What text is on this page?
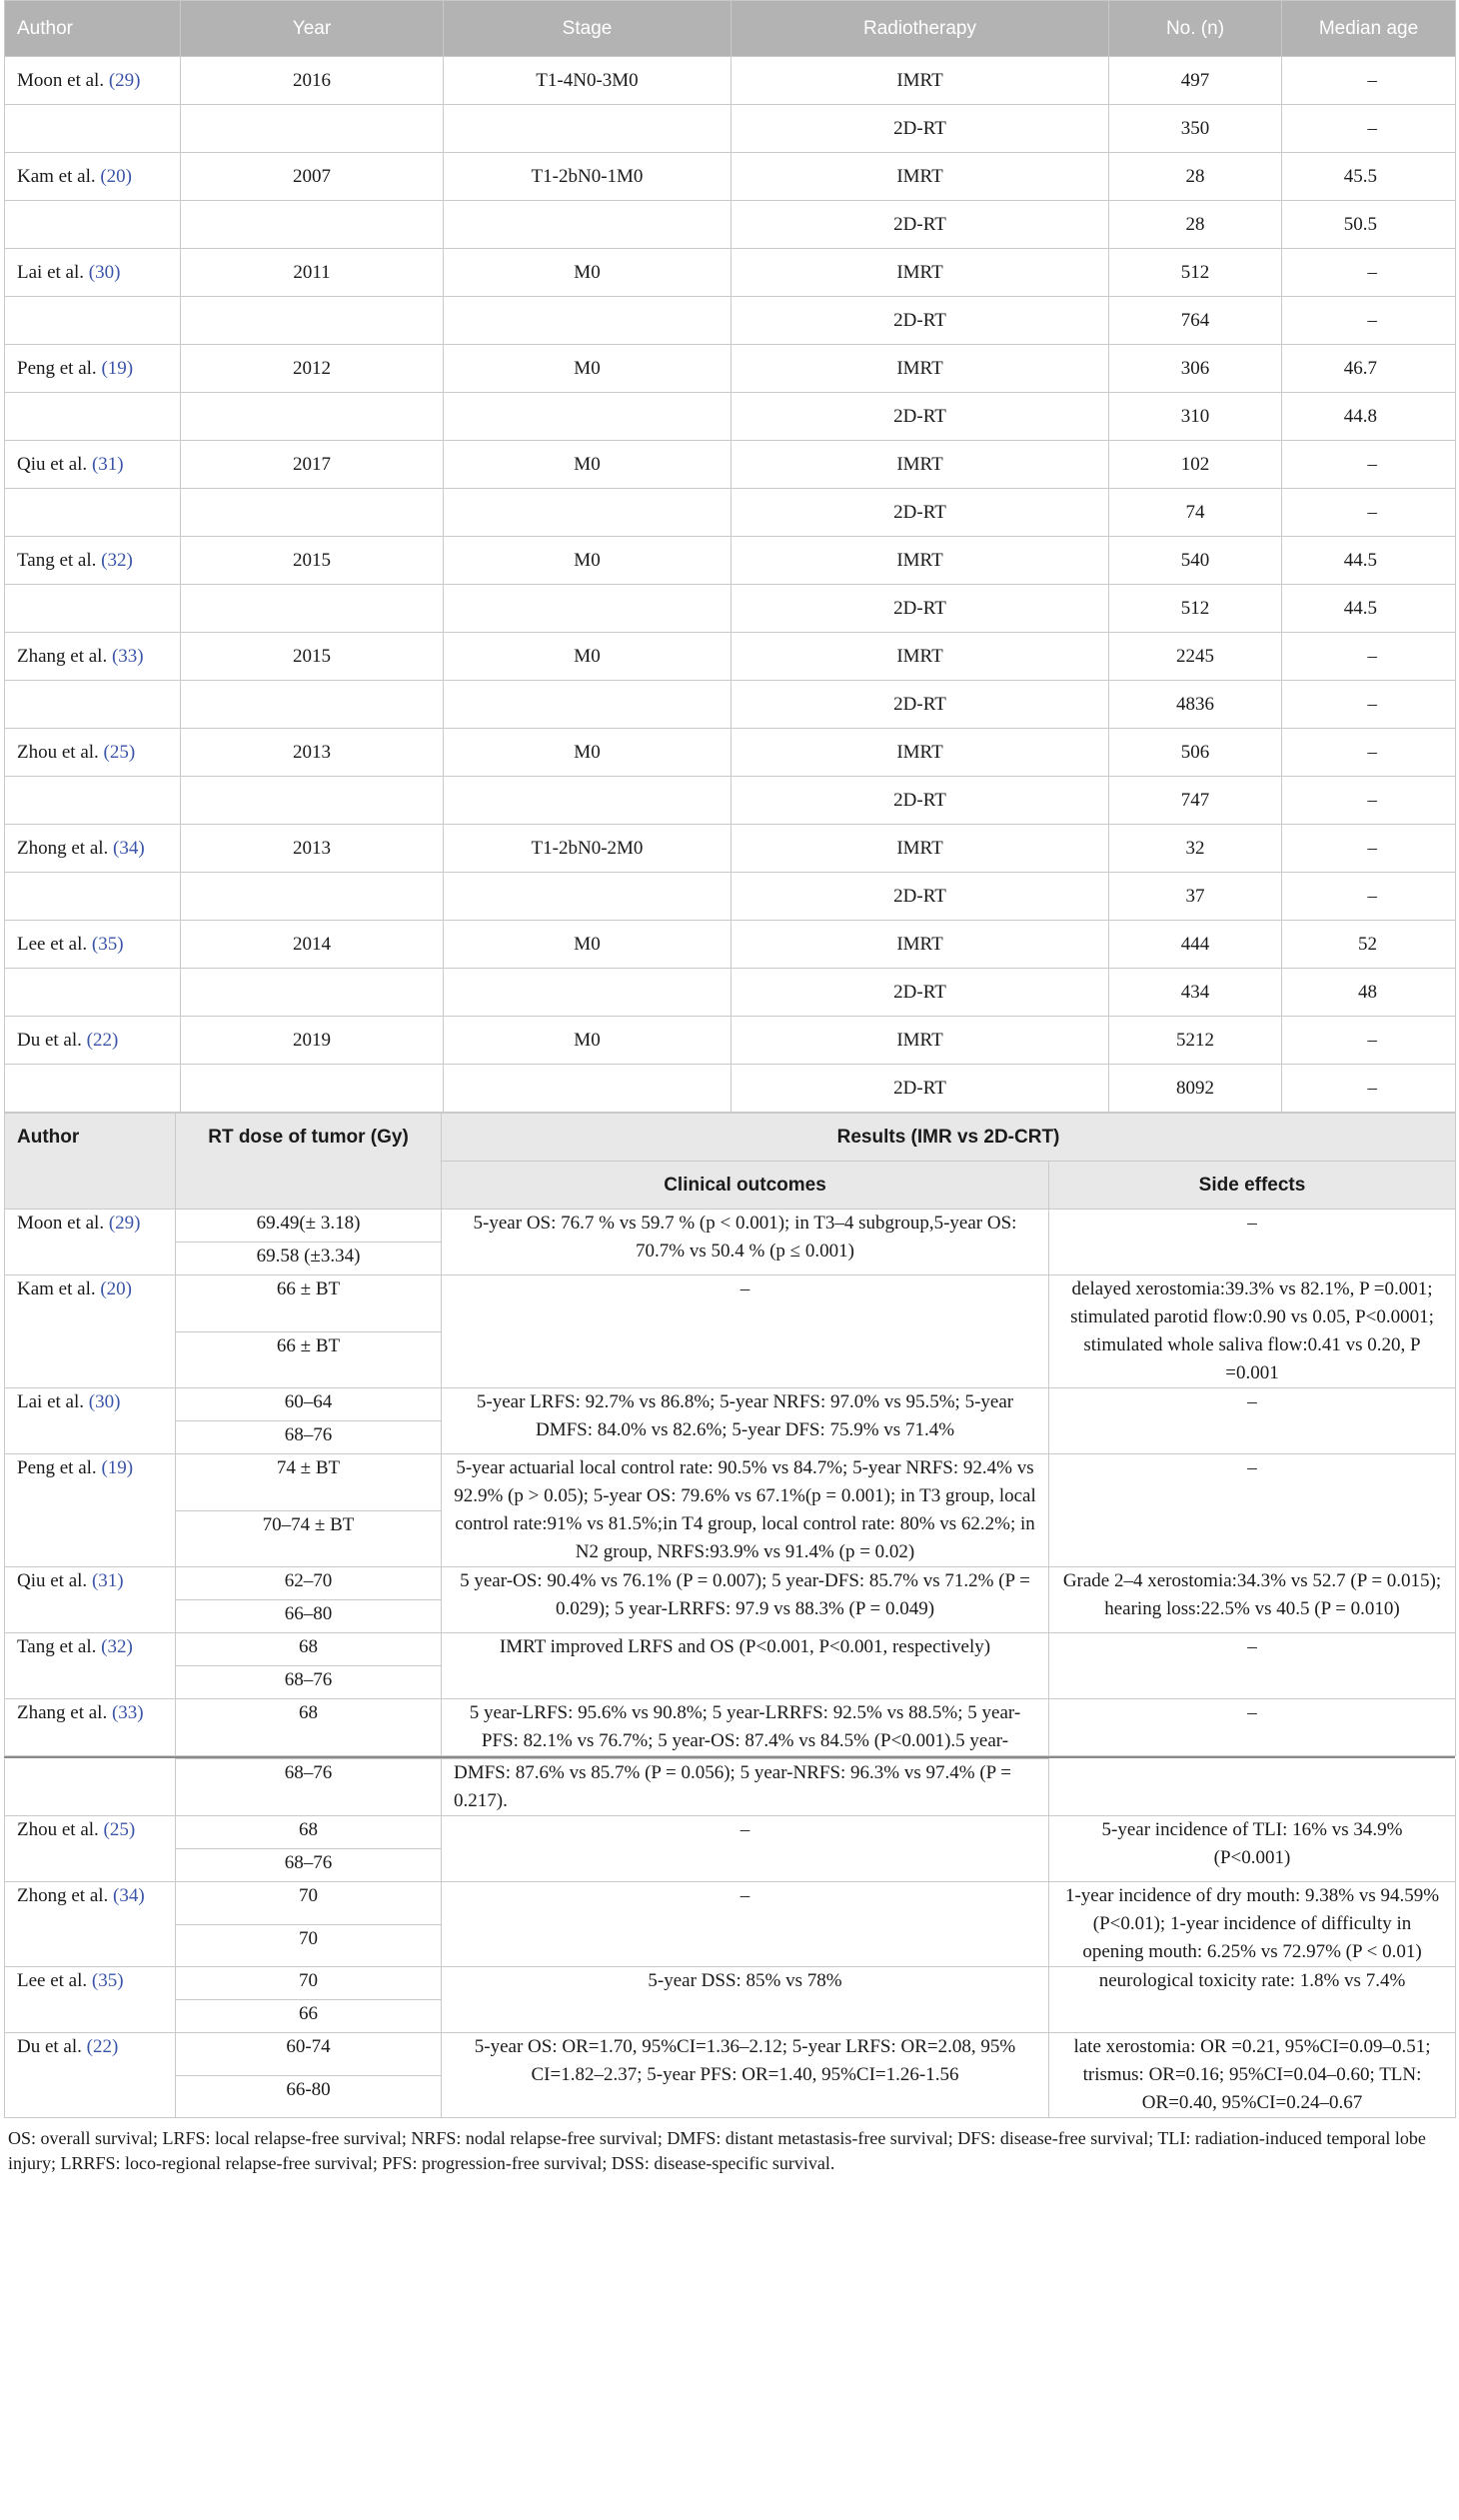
Author	Year	Stage	Radiotherapy	No. (n)	Median age
Moon et al. (29)	2016	T1-4N0-3M0	IMRT	497	–
			2D-RT	350	–
Kam et al. (20)	2007	T1-2bN0-1M0	IMRT	28	45.5
			2D-RT	28	50.5
Lai et al. (30)	2011	M0	IMRT	512	–
			2D-RT	764	–
Peng et al. (19)	2012	M0	IMRT	306	46.7
			2D-RT	310	44.8
Qiu et al. (31)	2017	M0	IMRT	102	–
			2D-RT	74	–
Tang et al. (32)	2015	M0	IMRT	540	44.5
			2D-RT	512	44.5
Zhang et al. (33)	2015	M0	IMRT	2245	–
			2D-RT	4836	–
Zhou et al. (25)	2013	M0	IMRT	506	–
			2D-RT	747	–
Zhong et al. (34)	2013	T1-2bN0-2M0	IMRT	32	–
			2D-RT	37	–
Lee et al. (35)	2014	M0	IMRT	444	52
			2D-RT	434	48
Du et al. (22)	2019	M0	IMRT	5212	–
			2D-RT	8092	–
Author	RT dose of tumor (Gy)	Results (IMR vs 2D-CRT)	
		Clinical outcomes	Side effects
Moon et al. (29)	69.49(± 3.18)	5-year OS: 76.7 % vs 59.7 % (p < 0.001); in T3–4 subgroup,5-year OS: 70.7% vs 50.4 % (p ≤ 0.001)	–
	69.58 (±3.34)		
Kam et al. (20)	66 ± BT	–	delayed xerostomia:39.3% vs 82.1%, P =0.001; stimulated parotid flow:0.90 vs 0.05, P<0.0001; stimulated whole saliva flow:0.41 vs 0.20, P =0.001
	66 ± BT		
Lai et al. (30)	60–64	5-year LRFS: 92.7% vs 86.8%; 5-year NRFS: 97.0% vs 95.5%; 5-year DMFS: 84.0% vs 82.6%; 5-year DFS: 75.9% vs 71.4%	–
	68–76		
Peng et al. (19)	74 ± BT	5-year actuarial local control rate: 90.5% vs 84.7%; 5-year NRFS: 92.4% vs 92.9% (p > 0.05); 5-year OS: 79.6% vs 67.1%(p = 0.001); in T3 group, local control rate:91% vs 81.5%;in T4 group, local control rate: 80% vs 62.2%; in N2 group, NRFS:93.9% vs 91.4% (p = 0.02)	–
	70–74 ± BT		
Qiu et al. (31)	62–70	5 year-OS: 90.4% vs 76.1% (P = 0.007); 5 year-DFS: 85.7% vs 71.2% (P = 0.029); 5 year-LRRFS: 97.9 vs 88.3% (P = 0.049)	Grade 2–4 xerostomia:34.3% vs 52.7 (P = 0.015); hearing loss:22.5% vs 40.5 (P = 0.010)
	66–80		
Tang et al. (32)	68	IMRT improved LRFS and OS (P<0.001, P<0.001, respectively)	–
	68–76		
Zhang et al. (33)	68	5 year-LRFS: 95.6% vs 90.8%; 5 year-LRRFS: 92.5% vs 88.5%; 5 year-PFS: 82.1% vs 76.7%; 5 year-OS: 87.4% vs 84.5% (P<0.001).5 year-	–
	68–76	DMFS: 87.6% vs 85.7% (P = 0.056); 5 year-NRFS: 96.3% vs 97.4% (P = 0.217).	
Zhou et al. (25)	68	–	5-year incidence of TLI: 16% vs 34.9% (P<0.001)
	68–76		
Zhong et al. (34)	70	–	1-year incidence of dry mouth: 9.38% vs 94.59%(P<0.01); 1-year incidence of difficulty in opening mouth: 6.25% vs 72.97% (P < 0.01)
	70		
Lee et al. (35)	70	5-year DSS: 85% vs 78%	neurological toxicity rate: 1.8% vs 7.4%
	66		
Du et al. (22)	60-74	5-year OS: OR=1.70, 95%CI=1.36–2.12; 5-year LRFS: OR=2.08, 95% CI=1.82–2.37; 5-year PFS: OR=1.40, 95%CI=1.26-1.56	late xerostomia: OR =0.21, 95%CI=0.09–0.51; trismus: OR=0.16; 95%CI=0.04–0.60; TLN: OR=0.40, 95%CI=0.24–0.67
	66-80		
OS: overall survival; LRFS: local relapse-free survival; NRFS: nodal relapse-free survival; DMFS: distant metastasis-free survival; DFS: disease-free survival; TLI: radiation-induced temporal lobe injury; LRRFS: loco-regional relapse-free survival; PFS: progression-free survival; DSS: disease-specific survival.
